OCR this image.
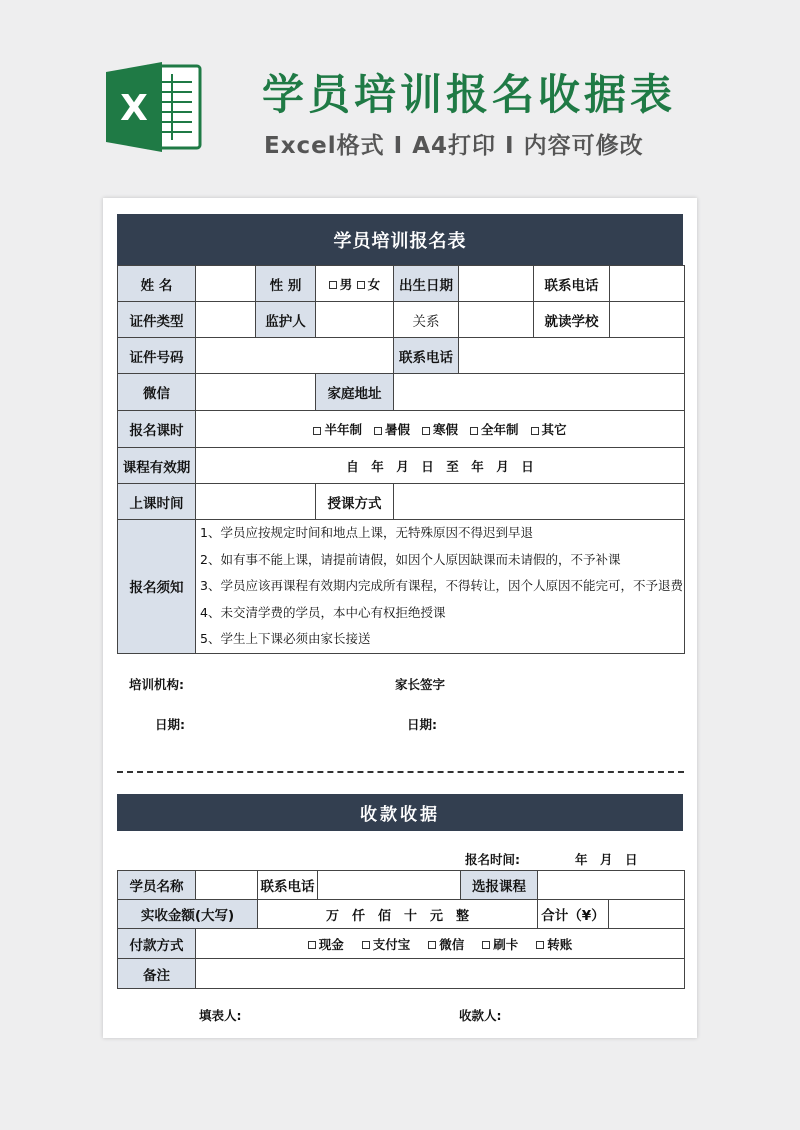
X	学员培训报名收据表
Excel格式 I A4打印 I 内容可修改
学员培训报名表
姓 名		性 别	男 女	出生日期		联系电话	
证件类型		监护人		关系		就读学校	
证件号码				联系电话			
微信			家庭地址				
报名课时	半年制 暑假 寒假 全年制 其它						

课程有效期	自　年　月　日　至　年　月　日						
上课时间			授课方式				
报名须知	1、学员应按规定时间和地点上课，无特殊原因不得迟到早退
2、如有事不能上课，请提前请假，如因个人原因缺课而未请假的，不予补课
3、学员应该再课程有效期内完成所有课程，不得转让，因个人原因不能完可，不予退费
4、未交清学费的学员，本中心有权拒绝授课
5、学生上下课必须由家长接送						
培训机构:	家长签字
日期:	日期:
收款收据
报名时间:	年　月　日
学员名称		联系电话		选报课程		
实收金额(大写)		万　仟　佰　十　元　整			合计（¥）	
付款方式	现金 支付宝 微信 刷卡 转账					

备注						
填表人:	收款人:
